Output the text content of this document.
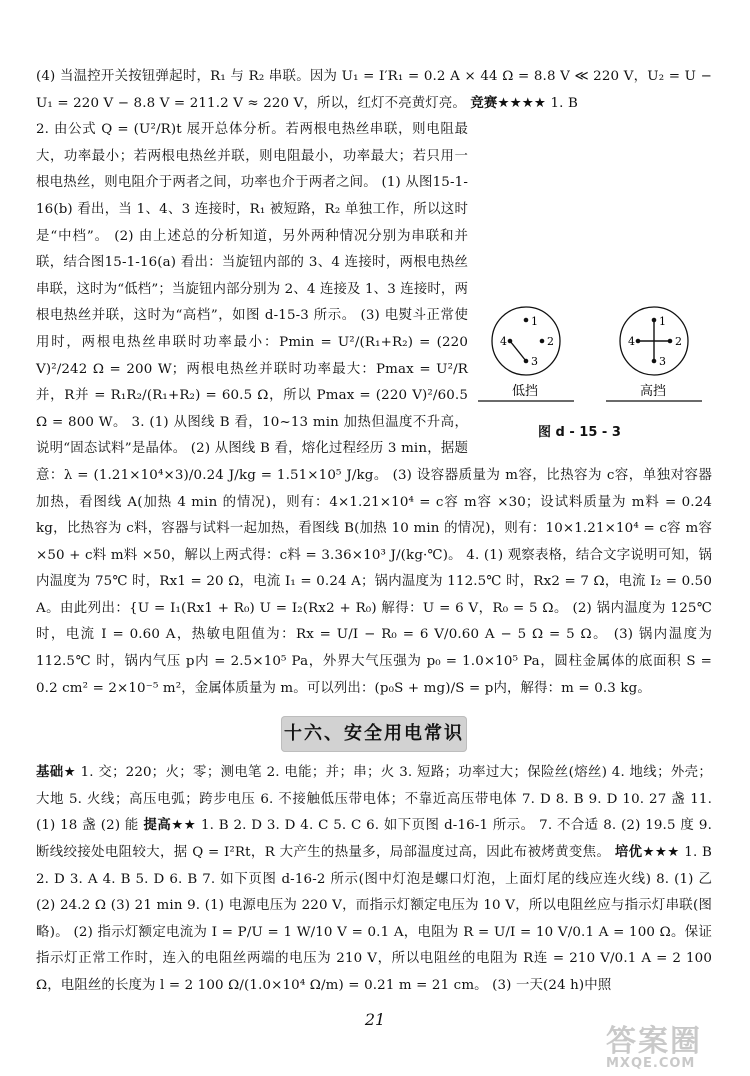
(4) 当温控开关按钮弹起时，R₁ 与 R₂ 串联。因为 U₁ = I′R₁ = 0.2 A × 44 Ω = 8.8 V ≪ 220 V，U₂ = U − U₁ = 220 V − 8.8 V = 211.2 V ≈ 220 V，所以，红灯不亮黄灯亮。 竞赛★★★★ 1. B

1
2
4
3
1
2
4
3
低挡	高挡
图 d - 15 - 3

2. 由公式 Q = (U²/R)t 展开总体分析。若两根电热丝串联，则电阻最大，功率最小；若两根电热丝并联，则电阻最小，功率最大；若只用一根电热丝，则电阻介于两者之间，功率也介于两者之间。 (1) 从图15-1-16(b) 看出，当 1、4、3 连接时，R₁ 被短路，R₂ 单独工作，所以这时是“中档”。 (2) 由上述总的分析知道，另外两种情况分别为串联和并联，结合图15-1-16(a) 看出：当旋钮内部的 3、4 连接时，两根电热丝串联，这时为“低档”；当旋钮内部分别为 2、4 连接及 1、3 连接时，两根电热丝并联，这时为“高档”，如图 d-15-3 所示。 (3) 电熨斗正常使用时，两根电热丝串联时功率最小：Pmin = U²/(R₁+R₂) = (220 V)²/242 Ω = 200 W；两根电热丝并联时功率最大：Pmax = U²/R并，R并 = R₁R₂/(R₁+R₂) = 60.5 Ω，所以 Pmax = (220 V)²/60.5 Ω = 800 W。 3. (1) 从图线 B 看，10~13 min 加热但温度不升高，说明“固态试料”是晶体。 (2) 从图线 B 看，熔化过程经历 3 min，据题意：λ = (1.21×10⁴×3)/0.24 J/kg = 1.51×10⁵ J/kg。 (3) 设容器质量为 m容，比热容为 c容，单独对容器加热，看图线 A(加热 4 min 的情况)，则有：4×1.21×10⁴ = c容 m容 ×30；设试料质量为 m料 = 0.24 kg，比热容为 c料，容器与试料一起加热，看图线 B(加热 10 min 的情况)，则有：10×1.21×10⁴ = c容 m容 ×50 + c料 m料 ×50，解以上两式得：c料 = 3.36×10³ J/(kg·℃)。 4. (1) 观察表格，结合文字说明可知，锅内温度为 75℃ 时，Rx1 = 20 Ω，电流 I₁ = 0.24 A；锅内温度为 112.5℃ 时，Rx2 = 7 Ω，电流 I₂ = 0.50 A。由此列出：{U = I₁(Rx1 + R₀) U = I₂(Rx2 + R₀) 解得：U = 6 V，R₀ = 5 Ω。 (2) 锅内温度为 125℃ 时，电流 I = 0.60 A，热敏电阻值为：Rx = U/I − R₀ = 6 V/0.60 A − 5 Ω = 5 Ω。 (3) 锅内温度为 112.5℃ 时，锅内气压 p内 = 2.5×10⁵ Pa，外界大气压强为 p₀ = 1.0×10⁵ Pa，圆柱金属体的底面积 S = 0.2 cm² = 2×10⁻⁵ m²，金属体质量为 m。可以列出：(p₀S + mg)/S = p内，解得：m = 0.3 kg。

十六、安全用电常识

基础★ 1. 交；220；火；零；测电笔 2. 电能；并；串；火 3. 短路；功率过大；保险丝(熔丝) 4. 地线；外壳；大地 5. 火线；高压电弧；跨步电压 6. 不接触低压带电体；不靠近高压带电体 7. D 8. B 9. D 10. 27 盏 11. (1) 18 盏 (2) 能 提高★★ 1. B 2. D 3. D 4. C 5. C 6. 如下页图 d-16-1 所示。 7. 不合适 8. (2) 19.5 度 9. 断线绞接处电阻较大，据 Q = I²Rt，R 大产生的热量多，局部温度过高，因此布被烤黄变焦。 培优★★★ 1. B 2. D 3. A 4. B 5. D 6. B 7. 如下页图 d-16-2 所示(图中灯泡是螺口灯泡，上面灯尾的线应连火线) 8. (1) 乙 (2) 24.2 Ω (3) 21 min 9. (1) 电源电压为 220 V，而指示灯额定电压为 10 V，所以电阻丝应与指示灯串联(图略)。 (2) 指示灯额定电流为 I = P/U = 1 W/10 V = 0.1 A，电阻为 R = U/I = 10 V/0.1 A = 100 Ω。保证指示灯正常工作时，连入的电阻丝两端的电压为 210 V，所以电阻丝的电阻为 R连 = 210 V/0.1 A = 2 100 Ω，电阻丝的长度为 l = 2 100 Ω/(1.0×10⁴ Ω/m) = 0.21 m = 21 cm。 (3) 一天(24 h)中照

21
答案圈
MXQE.COM
